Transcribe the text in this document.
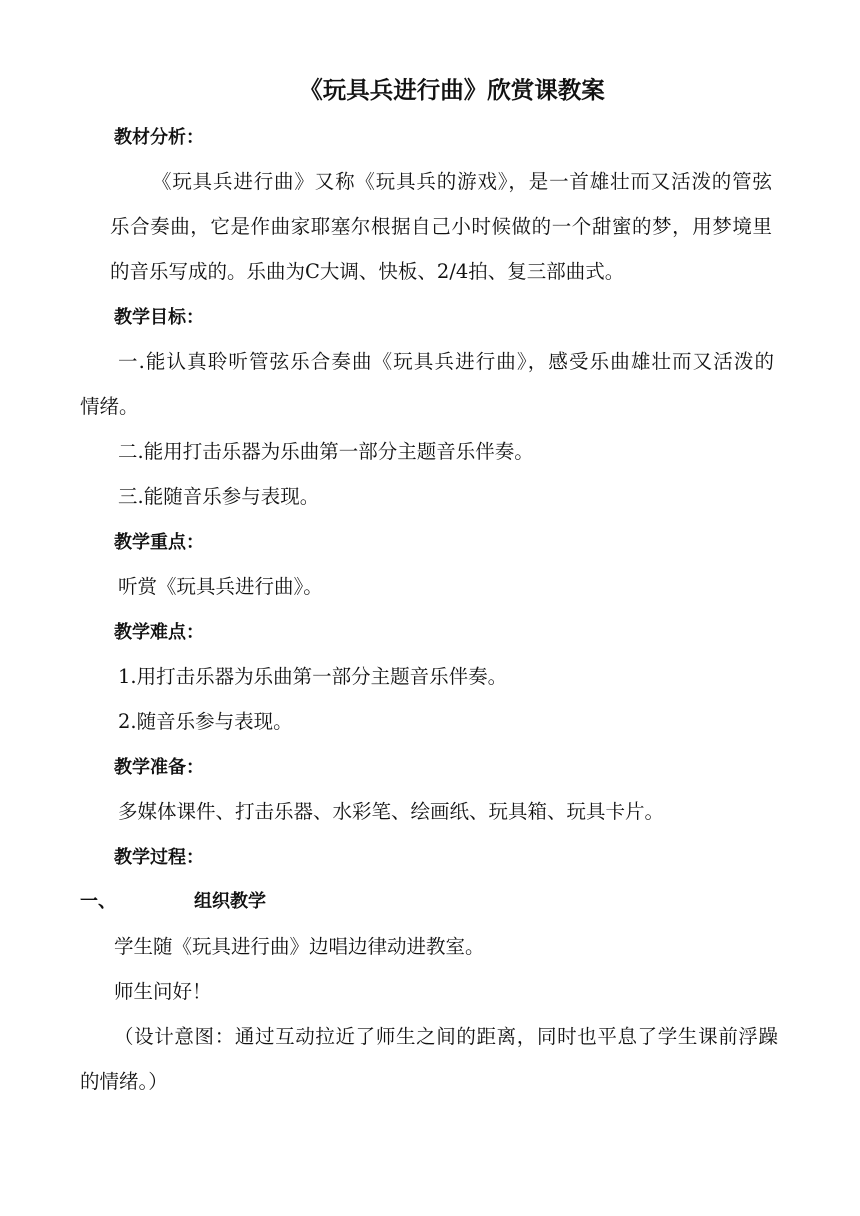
《玩具兵进行曲》欣赏课教案

教材分析：

《玩具兵进行曲》又称《玩具兵的游戏》，是一首雄壮而又活泼的管弦

乐合奏曲，它是作曲家耶塞尔根据自己小时候做的一个甜蜜的梦，用梦境里

的音乐写成的。乐曲为C大调、快板、2/4拍、复三部曲式。

教学目标：

一.能认真聆听管弦乐合奏曲《玩具兵进行曲》，感受乐曲雄壮而又活泼的

情绪。

二.能用打击乐器为乐曲第一部分主题音乐伴奏。

三.能随音乐参与表现。

教学重点：

听赏《玩具兵进行曲》。

教学难点：

1.用打击乐器为乐曲第一部分主题音乐伴奏。

2.随音乐参与表现。

教学准备：

多媒体课件、打击乐器、水彩笔、绘画纸、玩具箱、玩具卡片。

教学过程：

一、	组织教学

学生随《玩具进行曲》边唱边律动进教室。

师生问好！

（设计意图：通过互动拉近了师生之间的距离，同时也平息了学生课前浮躁

的情绪。）
